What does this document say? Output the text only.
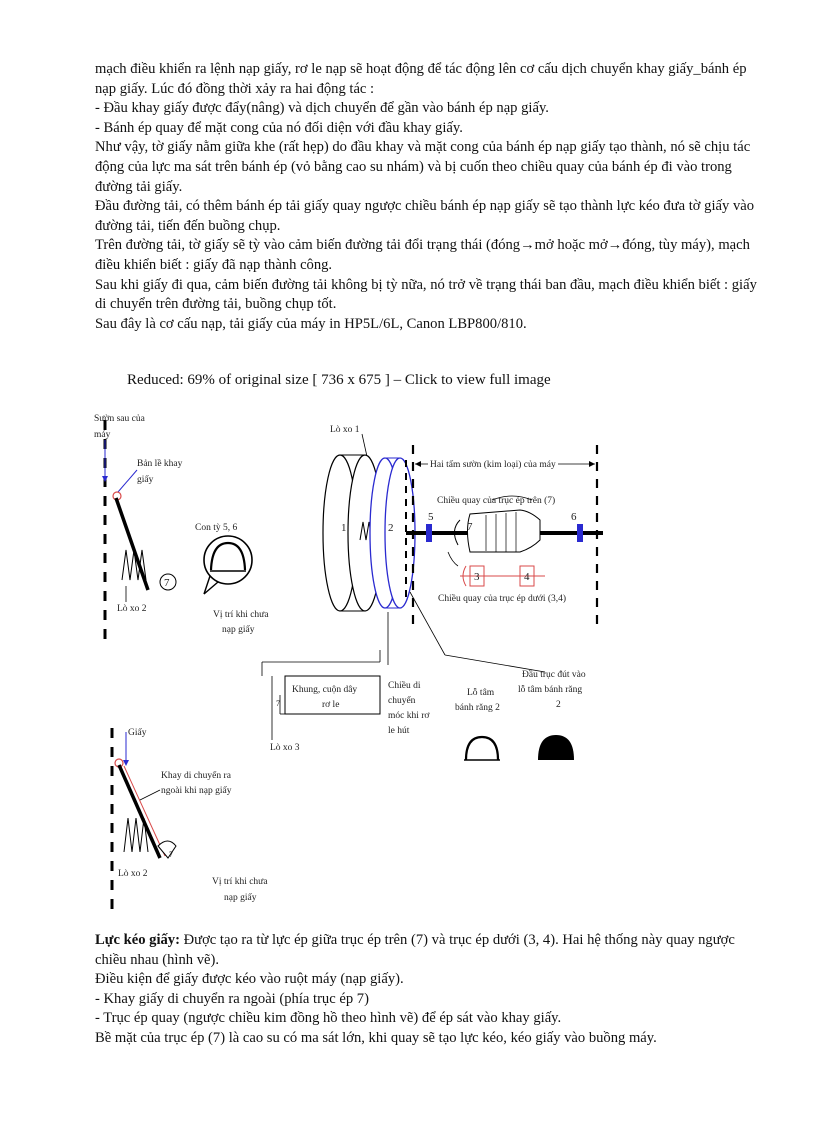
mạch điều khiển ra lệnh nạp giấy, rơ le nạp sẽ hoạt động để tác động lên cơ cấu dịch chuyển khay giấy_bánh ép nạp giấy. Lúc đó đồng thời xảy ra hai động tác :

- Đầu khay giấy được đẩy(nâng) và dịch chuyển để gần vào bánh ép nạp giấy.

- Bánh ép quay để mặt cong của nó đối diện với đầu khay giấy.

Như vậy, tờ giấy nằm giữa khe (rất hẹp) do đầu khay và mặt cong của bánh ép nạp giấy tạo thành, nó sẽ chịu tác động của lực ma sát trên bánh ép (vỏ bằng cao su nhám) và bị cuốn theo chiều quay của bánh ép đi vào trong đường tải giấy.

Đầu đường tải, có thêm bánh ép tải giấy quay ngược chiều bánh ép nạp giấy sẽ tạo thành lực kéo đưa tờ giấy vào đường tải, tiến đến buồng chụp.

Trên đường tải, tờ giấy sẽ tỳ vào cảm biến đường tải đổi trạng thái (đóng→mở hoặc mở→đóng, tùy máy), mạch điều khiển biết : giấy đã nạp thành công.

Sau khi giấy đi qua, cảm biến đường tải không bị tỳ nữa, nó trở về trạng thái ban đầu, mạch điều khiển biết : giấy di chuyển trên đường tải, buồng chụp tốt.

Sau đây là cơ cấu nạp, tải giấy của máy in HP5L/6L, Canon LBP800/810.

Reduced: 69% of original size [ 736 x 675 ] – Click to view full image
Sườn sau của
máy
Bản lề khay
giấy
7
Lò xo 2
Con tỳ 5, 6
Vị trí khi chưa
nạp giấy
Lò xo 1
1	2
Hai tấm sườn (kim loại) của máy
5	6
7
Chiều quay của trục ép trên (7)
3	4
Chiều quay của trục ép dưới (3,4)
Khung, cuộn dây
rơ le
7
Lò xo 3
Chiều di
chuyển
móc khi rơ
le hút
Lỗ tâm
bánh răng 2
Đầu trục đút vào
lỗ tâm bánh răng
2
Giấy
Khay di chuyển ra
ngoài khi nạp giấy
7
Lò xo 2
Vị trí khi chưa
nạp giấy

Lực kéo giấy: Được tạo ra từ lực ép giữa trục ép trên (7) và trục ép dưới (3, 4). Hai hệ thống này quay ngược chiều nhau (hình vẽ).

Điều kiện để giấy được kéo vào ruột máy (nạp giấy).

- Khay giấy di chuyển ra ngoài (phía trục ép 7)

- Trục ép quay (ngược chiều kim đồng hồ theo hình vẽ) để ép sát vào khay giấy.

Bề mặt của trục ép (7) là cao su có ma sát lớn, khi quay sẽ tạo lực kéo, kéo giấy vào buồng máy.
